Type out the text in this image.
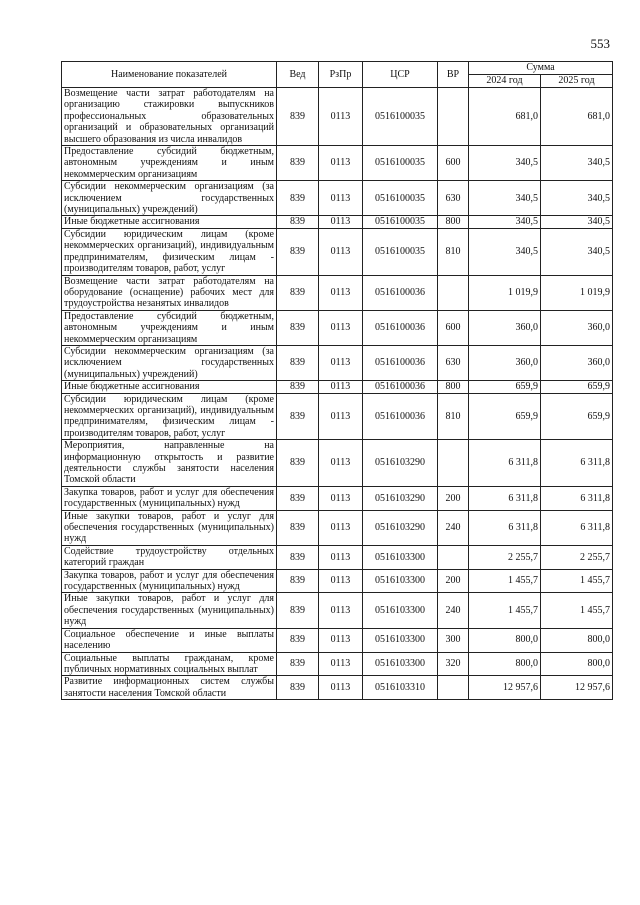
553
Наименование показателей	Вед	РзПр	ЦСР	ВР	Сумма	
					2024 год	2025 год
Возмещение части затрат работодателям на организацию стажировки выпускников профессиональных образовательных организаций и образовательных организаций высшего образования из числа инвалидов	839	0113	0516100035		681,0	681,0
Предоставление субсидий бюджетным, автономным учреждениям и иным некоммерческим организациям	839	0113	0516100035	600	340,5	340,5
Субсидии некоммерческим организациям (за исключением государственных (муниципальных) учреждений)	839	0113	0516100035	630	340,5	340,5
Иные бюджетные ассигнования	839	0113	0516100035	800	340,5	340,5
Субсидии юридическим лицам (кроме некоммерческих организаций), индивидуальным предпринимателям, физическим лицам - производителям товаров, работ, услуг	839	0113	0516100035	810	340,5	340,5
Возмещение части затрат работодателям на оборудование (оснащение) рабочих мест для трудоустройства незанятых инвалидов	839	0113	0516100036		1 019,9	1 019,9
Предоставление субсидий бюджетным, автономным учреждениям и иным некоммерческим организациям	839	0113	0516100036	600	360,0	360,0
Субсидии некоммерческим организациям (за исключением государственных (муниципальных) учреждений)	839	0113	0516100036	630	360,0	360,0
Иные бюджетные ассигнования	839	0113	0516100036	800	659,9	659,9
Субсидии юридическим лицам (кроме некоммерческих организаций), индивидуальным предпринимателям, физическим лицам - производителям товаров, работ, услуг	839	0113	0516100036	810	659,9	659,9
Мероприятия, направленные на информационную открытость и развитие деятельности службы занятости населения Томской области	839	0113	0516103290		6 311,8	6 311,8
Закупка товаров, работ и услуг для обеспечения государственных (муниципальных) нужд	839	0113	0516103290	200	6 311,8	6 311,8
Иные закупки товаров, работ и услуг для обеспечения государственных (муниципальных) нужд	839	0113	0516103290	240	6 311,8	6 311,8
Содействие трудоустройству отдельных категорий граждан	839	0113	0516103300		2 255,7	2 255,7
Закупка товаров, работ и услуг для обеспечения государственных (муниципальных) нужд	839	0113	0516103300	200	1 455,7	1 455,7
Иные закупки товаров, работ и услуг для обеспечения государственных (муниципальных) нужд	839	0113	0516103300	240	1 455,7	1 455,7
Социальное обеспечение и иные выплаты населению	839	0113	0516103300	300	800,0	800,0
Социальные выплаты гражданам, кроме публичных нормативных социальных выплат	839	0113	0516103300	320	800,0	800,0
Развитие информационных систем службы занятости населения Томской области	839	0113	0516103310		12 957,6	12 957,6
